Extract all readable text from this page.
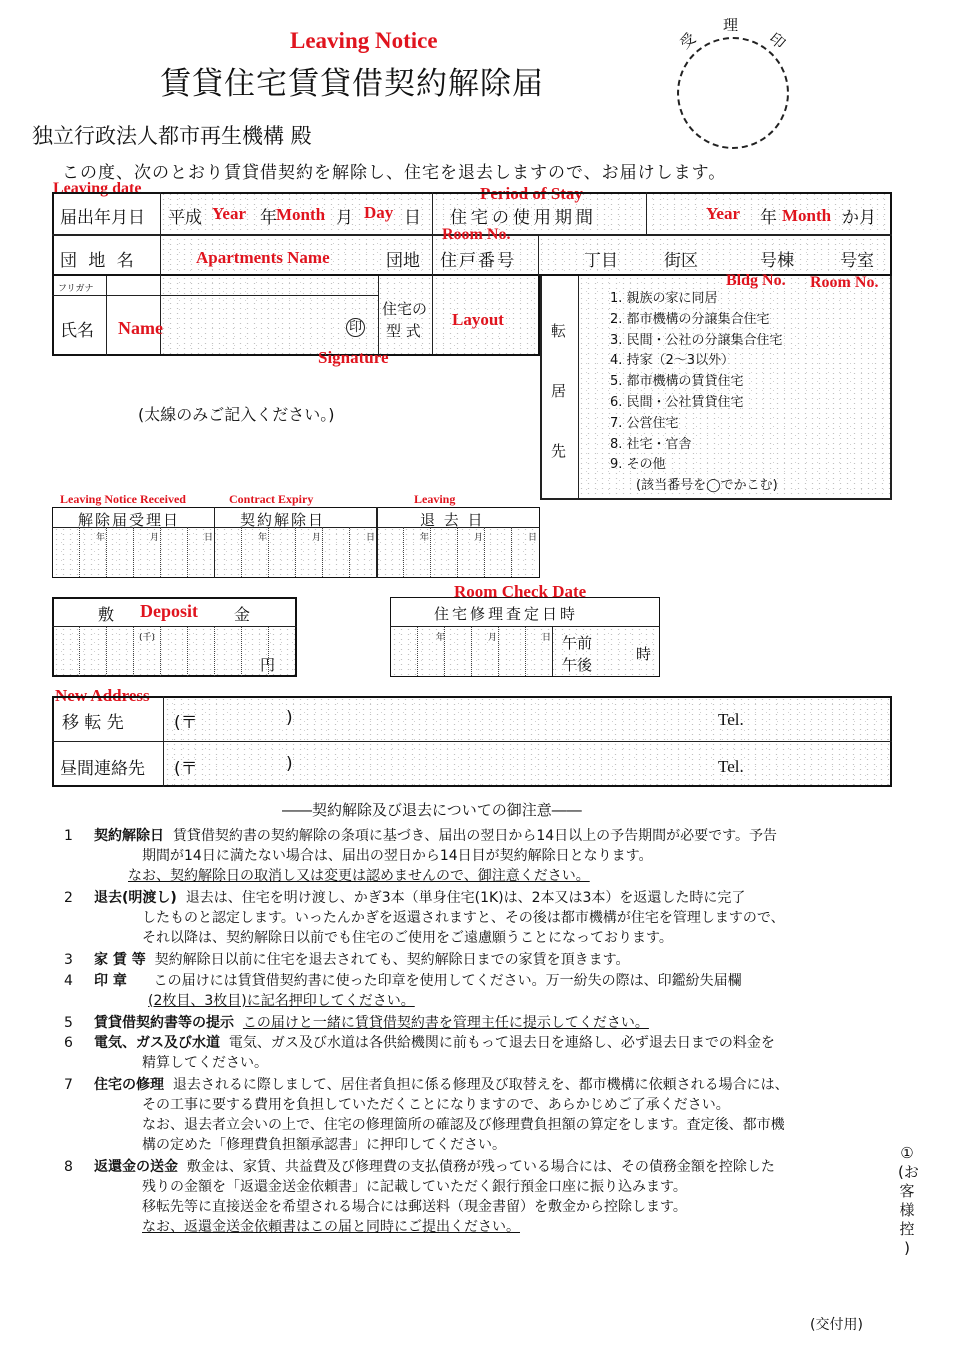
Leaving Notice
賃貸住宅賃貸借契約解除届
受
理
印
独立行政法人都市再生機構 殿
この度、次のとおり賃貸借契約を解除し、住宅を退去しますので、お届けします。
Leaving date	Period of Stay
届出年月日 平成 Year 年 Month 月 Day 日 住宅の使用期間	Year 年 Month か月
団 地 名	Apartments Name	団地
Room No.
住戸番号	丁目	街区	号棟	号室
Bldg No. Room No.
フリガナ
氏名 Name	印
住宅の
型 式
Layout
Signature
転
居
先
1. 親族の家に同居
2. 都市機構の分譲集合住宅
3. 民間・公社の分譲集合住宅
4. 持家（2～3以外）
5. 都市機構の賃貸住宅
6. 民間・公社賃貸住宅
7. 公営住宅
8. 社宅・官舎
9. その他
(該当番号を◯でかこむ)
(太線のみご記入ください。)
Leaving Notice Received	Contract Expiry	Leaving
解除届受理日	契約解除日	退 去 日
年	月	日	年	月	日	年	月	日
敷 Deposit 金
(千)
円
Room Check Date
住宅修理査定日時
年	月	日 午前
午後
時
New Address
移 転 先	(〒	)	Tel.
昼間連絡先 (〒	)	Tel.
――契約解除及び退去についての御注意――
1 契約解除日 賃貸借契約書の契約解除の条項に基づき、届出の翌日から14日以上の予告期間が必要です。予告
期間が14日に満たない場合は、届出の翌日から14日目が契約解除日となります。
なお、契約解除日の取消し又は変更は認めませんので、御注意ください。
2 退去(明渡し) 退去は、住宅を明け渡し、かぎ3本（単身住宅(1K)は、2本又は3本）を返還した時に完了
したものと認定します。いったんかぎを返還されますと、その後は都市機構が住宅を管理しますので、
それ以降は、契約解除日以前でも住宅のご使用をご遠慮願うことになっております。
3 家 賃 等 契約解除日以前に住宅を退去されても、契約解除日までの家賃を頂きます。
4 印 章 この届けには賃貸借契約書に使った印章を使用してください。万一紛失の際は、印鑑紛失届欄
(2枚目、3枚目)に記名押印してください。
5 賃貸借契約書等の提示 この届けと一緒に賃貸借契約書を管理主任に提示してください。
6 電気、ガス及び水道 電気、ガス及び水道は各供給機関に前もって退去日を連絡し、必ず退去日までの料金を
精算してください。
7 住宅の修理 退去されるに際しまして、居住者負担に係る修理及び取替えを、都市機構に依頼される場合には、
その工事に要する費用を負担していただくことになりますので、あらかじめご了承ください。
なお、退去者立会いの上で、住宅の修理箇所の確認及び修理費負担額の算定をします。査定後、都市機
構の定めた「修理費負担額承認書」に押印してください。
8 返還金の送金 敷金は、家賃、共益費及び修理費の支払債務が残っている場合には、その債務金額を控除した
残りの金額を「返還金送金依頼書」に記載していただく銀行預金口座に振り込みます。
移転先等に直接送金を希望される場合には郵送料（現金書留）を敷金から控除します。
なお、返還金送金依頼書はこの届と同時にご提出ください。
①
(お
客
様
控
)
(交付用)
